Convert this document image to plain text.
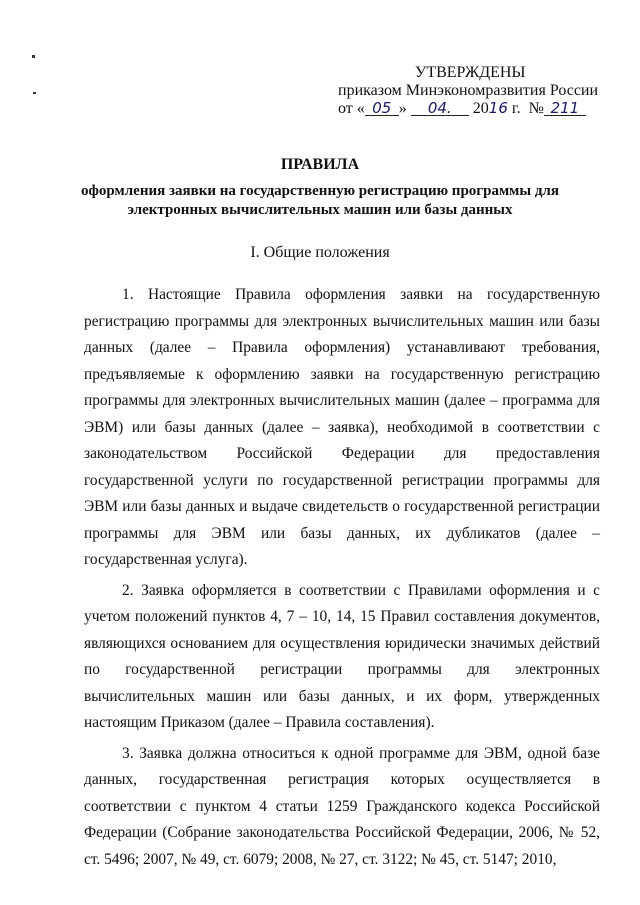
УТВЕРЖДЕНЫ
приказом Минэкономразвития России
от « 05 » 04. 2016 г. № 211
ПРАВИЛА
оформления заявки на государственную регистрацию программы для
электронных вычислительных машин или базы данных
I. Общие положения

1. Настоящие Правила оформления заявки на государственную регистрацию программы для электронных вычислительных машин или базы данных (далее – Правила оформления) устанавливают требования, предъявляемые к оформлению заявки на государственную регистрацию программы для электронных вычислительных машин (далее – программа для ЭВМ) или базы данных (далее – заявка), необходимой в соответствии с законодательством Российской Федерации для предоставления государственной услуги по государственной регистрации программы для ЭВМ или базы данных и выдаче свидетельств о государственной регистрации программы для ЭВМ или базы данных, их дубликатов (далее – государственная услуга).

2. Заявка оформляется в соответствии с Правилами оформления и с учетом положений пунктов 4, 7 – 10, 14, 15 Правил составления документов, являющихся основанием для осуществления юридически значимых действий по государственной регистрации программы для электронных вычислительных машин или базы данных, и их форм, утвержденных настоящим Приказом (далее – Правила составления).

3. Заявка должна относиться к одной программе для ЭВМ, одной базе данных, государственная регистрация которых осуществляется в соответствии с пунктом 4 статьи 1259 Гражданского кодекса Российской Федерации (Собрание законодательства Российской Федерации, 2006, № 52, ст. 5496; 2007, № 49, ст. 6079; 2008, № 27, ст. 3122; № 45, ст. 5147; 2010,
